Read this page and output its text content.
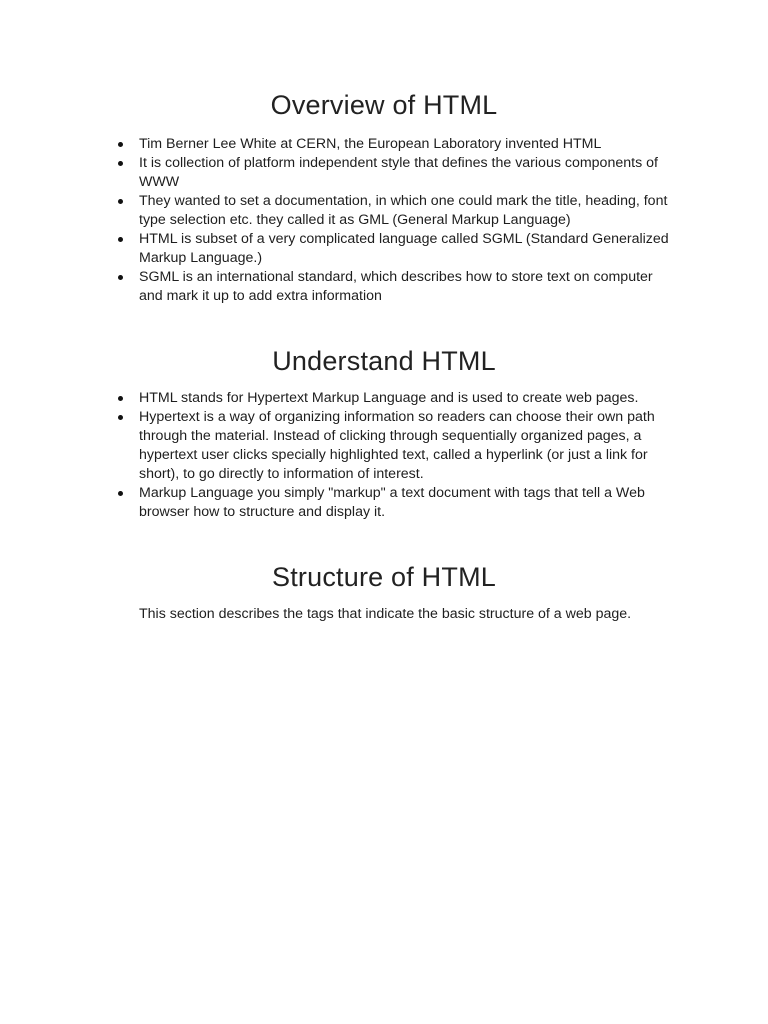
Overview of HTML
Tim Berner Lee White at CERN, the European Laboratory invented HTML
It is collection of platform independent style that defines the various components of WWW
They wanted to set a documentation, in which one could mark the title, heading, font type selection etc. they called it as GML (General Markup Language)
HTML is subset of a very complicated language called SGML (Standard Generalized Markup Language.)
SGML is an international standard, which describes how to store text on computer and mark it up to add extra information
Understand HTML
HTML stands for Hypertext Markup Language and is used to create web pages.
Hypertext is a way of organizing information so readers can choose their own path through the material. Instead of clicking through sequentially organized pages, a hypertext user clicks specially highlighted text, called a hyperlink (or just a link for short), to go directly to information of interest.
Markup Language you simply "markup" a text document with tags that tell a Web browser how to structure and display it.
Structure of HTML

This section describes the tags that indicate the basic structure of a web page.
